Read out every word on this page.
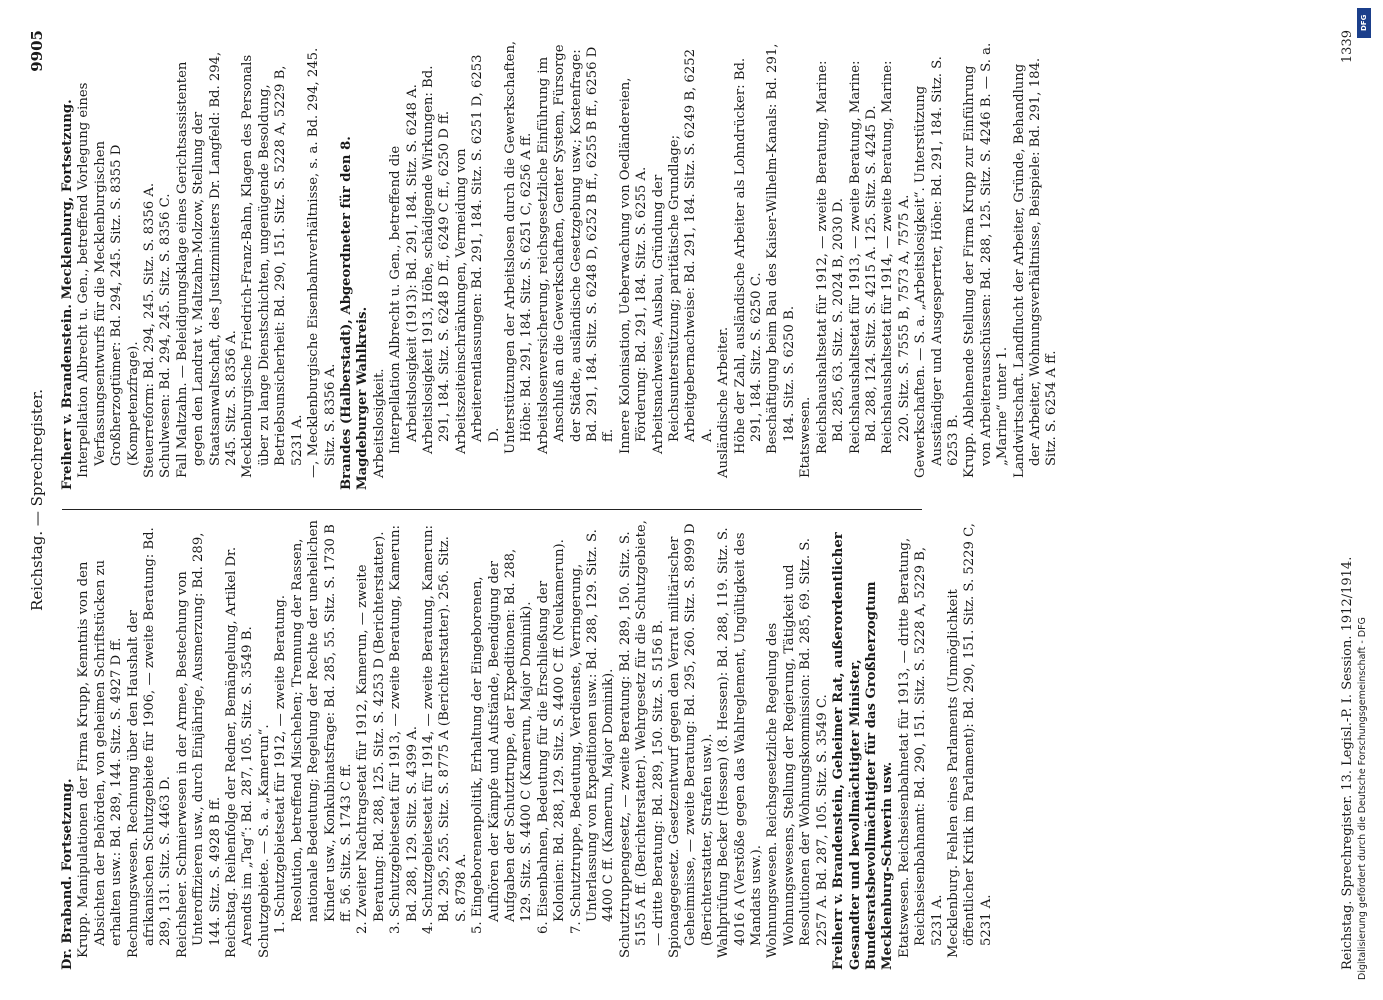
Reichstag. — Sprechregister.
9905

Dr. Braband. Fortsetzung. Krupp. Manipulationen der Firma Krupp, Kenntnis von den Absichten der Behörden, von geheimen Schriftstücken zu erhalten usw.: Bd. 289, 144. Sitz. S. 4927 D ff. Rechnungswesen. Rechnung über den Haushalt der afrikanischen Schutzgebiete für 1906, — zweite Beratung: Bd. 289, 131. Sitz. S. 4463 D. Reichsheer. Schmierwesen in der Armee, Bestechung von Unteroffizieren usw., durch Einjährige, Ausmerzung: Bd. 289, 144. Sitz. S. 4928 B ff. Reichstag. Reihenfolge der Redner, Bemängelung, Artikel Dr. Arendts im „Tag“: Bd. 287, 105. Sitz. S. 3549 B. Schutzgebiete. — S. a. „Kamerun“. 1. Schutzgebietsetat für 1912, — zweite Beratung. Resolution, betreffend Mischehen; Trennung der Rassen, nationale Bedeutung; Regelung der Rechte der unehelichen Kinder usw., Konkubinatsfrage: Bd. 285, 55. Sitz. S. 1730 B ff. 56. Sitz. S. 1743 C ff. 2. Zweiter Nachtragsetat für 1912, Kamerun, — zweite Beratung: Bd. 288, 125. Sitz. S. 4253 D (Berichterstatter). 3. Schutzgebietsetat für 1913, — zweite Beratung, Kamerun: Bd. 288, 129. Sitz. S. 4399 A. 4. Schutzgebietsetat für 1914, — zweite Beratung, Kamerun: Bd. 295, 255. Sitz. S. 8775 A (Berichterstatter). 256. Sitz. S. 8798 A. 5. Eingeborenenpolitik, Erhaltung der Eingeborenen, Aufhören der Kämpfe und Aufstände, Beendigung der Aufgaben der Schutztruppe, der Expeditionen: Bd. 288, 129. Sitz. S. 4400 C (Kamerun, Major Dominik). 6. Eisenbahnen, Bedeutung für die Erschließung der Kolonien: Bd. 288, 129. Sitz. S. 4400 C ff. (Neukamerun). 7. Schutztruppe, Bedeutung, Verdienste, Verringerung, Unterlassung von Expeditionen usw.: Bd. 288, 129. Sitz. S. 4400 C ff. (Kamerun, Major Dominik). Schutztruppengesetz, — zweite Beratung: Bd. 289, 150. Sitz. S. 5155 A ff. (Berichterstatter). Wehrgesetz für die Schutzgebiete, — dritte Beratung: Bd. 289, 150. Sitz. S. 5156 B. Spionagegesetz. Gesetzentwurf gegen den Verrat militärischer Geheimnisse, — zweite Beratung: Bd. 295, 260. Sitz. S. 8999 D (Berichterstatter, Strafen usw.). Wahlprüfung Becker (Hessen) (8. Hessen): Bd. 288, 119. Sitz. S. 4016 A (Verstöße gegen das Wahlreglement, Ungültigkeit des Mandats usw.). Wohnungswesen. Reichsgesetzliche Regelung des Wohnungswesens, Stellung der Regierung, Tätigkeit und Resolutionen der Wohnungskommission: Bd. 285, 69. Sitz. S. 2257 A. Bd. 287, 105. Sitz. S. 3549 C. Freiherr v. Brandenstein, Geheimer Rat, außerordentlicher Gesandter und bevollmächtigter Minister, Bundesratsbevollmächtigter für das Großherzogtum Mecklenburg-Schwerin usw. Etatswesen. Reichseisenbahnetat für 1913, — dritte Beratung, Reichseisenbahnamt: Bd. 290, 151. Sitz. S. 5228 A, 5229 B, 5231 A. Mecklenburg. Fehlen eines Parlaments (Unmöglichkeit öffentlicher Kritik im Parlament): Bd. 290, 151. Sitz. S. 5229 C, 5231 A.

Freiherr v. Brandenstein. Mecklenburg, Fortsetzung. Interpellation Albrecht u. Gen., betreffend Vorlegung eines Verfassungsentwurfs für die Mecklenburgischen Großherzogtümer: Bd. 294, 245. Sitz. S. 8355 D (Kompetenzfrage). Steuerreform: Bd. 294, 245. Sitz. S. 8356 A. Schulwesen: Bd. 294, 245. Sitz. S. 8356 C. Fall Maltzahn. — Beleidigungsklage eines Gerichtsassistenten gegen den Landrat v. Maltzahn-Molzow, Stellung der Staatsanwaltschaft, des Justizministers Dr. Langfeld: Bd. 294, 245. Sitz. S. 8356 A. Mecklenburgische Friedrich-Franz-Bahn, Klagen des Personals über zu lange Dienstschichten, ungenügende Besoldung, Betriebsunsicherheit: Bd. 290, 151. Sitz. S. 5228 A, 5229 B, 5231 A. —, Mecklenburgische Eisenbahnverhältnisse, s. a. Bd. 294, 245. Sitz. S. 8356 A. Brandes (Halberstadt), Abgeordneter für den 8. Magdeburger Wahlkreis. Arbeitslosigkeit. Interpellation Albrecht u. Gen., betreffend die Arbeitslosigkeit (1913): Bd. 291, 184. Sitz. S. 6248 A. Arbeitslosigkeit 1913, Höhe, schädigende Wirkungen: Bd. 291, 184. Sitz. S. 6248 D ff., 6249 C ff., 6250 D ff. Arbeitszeiteinschränkungen, Vermeidung von Arbeiterentlassungen: Bd. 291, 184. Sitz. S. 6251 D, 6253 D. Unterstützungen der Arbeitslosen durch die Gewerkschaften, Höhe: Bd. 291, 184. Sitz. S. 6251 C, 6256 A ff. Arbeitslosenversicherung, reichsgesetzliche Einführung im Anschluß an die Gewerkschaften, Genter System, Fürsorge der Städte, ausländische Gesetzgebung usw.; Kostenfrage: Bd. 291, 184. Sitz. S. 6248 D, 6252 B ff., 6255 B ff., 6256 D ff. Innere Kolonisation, Ueberwachung von Oedländereien, Förderung: Bd. 291, 184. Sitz. S. 6255 A. Arbeitsnachweise, Ausbau, Gründung der Reichsunterstützung; paritätische Grundlage; Arbeitgebernachweise: Bd. 291, 184. Sitz. S. 6249 B, 6252 A. Ausländische Arbeiter. Höhe der Zahl, ausländische Arbeiter als Lohndrücker: Bd. 291, 184. Sitz. S. 6250 C. Beschäftigung beim Bau des Kaiser-Wilhelm-Kanals: Bd. 291, 184. Sitz. S. 6250 B. Etatswesen. Reichshaushaltsetat für 1912, — zweite Beratung, Marine: Bd. 285, 63. Sitz. S. 2024 B, 2030 D. Reichshaushaltsetat für 1913, — zweite Beratung, Marine: Bd. 288, 124. Sitz. S. 4215 A. 125. Sitz. S. 4245 D. Reichshaushaltsetat für 1914, — zweite Beratung, Marine: 220. Sitz. S. 7555 B, 7573 A, 7575 A. Gewerkschaften. — S. a. „Arbeitslosigkeit“. Unterstützung Ausständiger und Ausgesperrter, Höhe: Bd. 291, 184. Sitz. S. 6253 B. Krupp. Ablehnende Stellung der Firma Krupp zur Einführung von Arbeiterausschüssen: Bd. 288, 125. Sitz. S. 4246 B. — S. a. „Marine“ unter 1. Landwirtschaft. Landflucht der Arbeiter, Gründe, Behandlung der Arbeiter, Wohnungsverhältnisse, Beispiele: Bd. 291, 184. Sitz. S. 6254 A ff.

Reichstag. Sprechregister. 13. Legisl.-P. I. Session. 1912/1914.
1339
DFG
Digitalisierung gefördert durch die Deutsche Forschungsgemeinschaft - DFG
